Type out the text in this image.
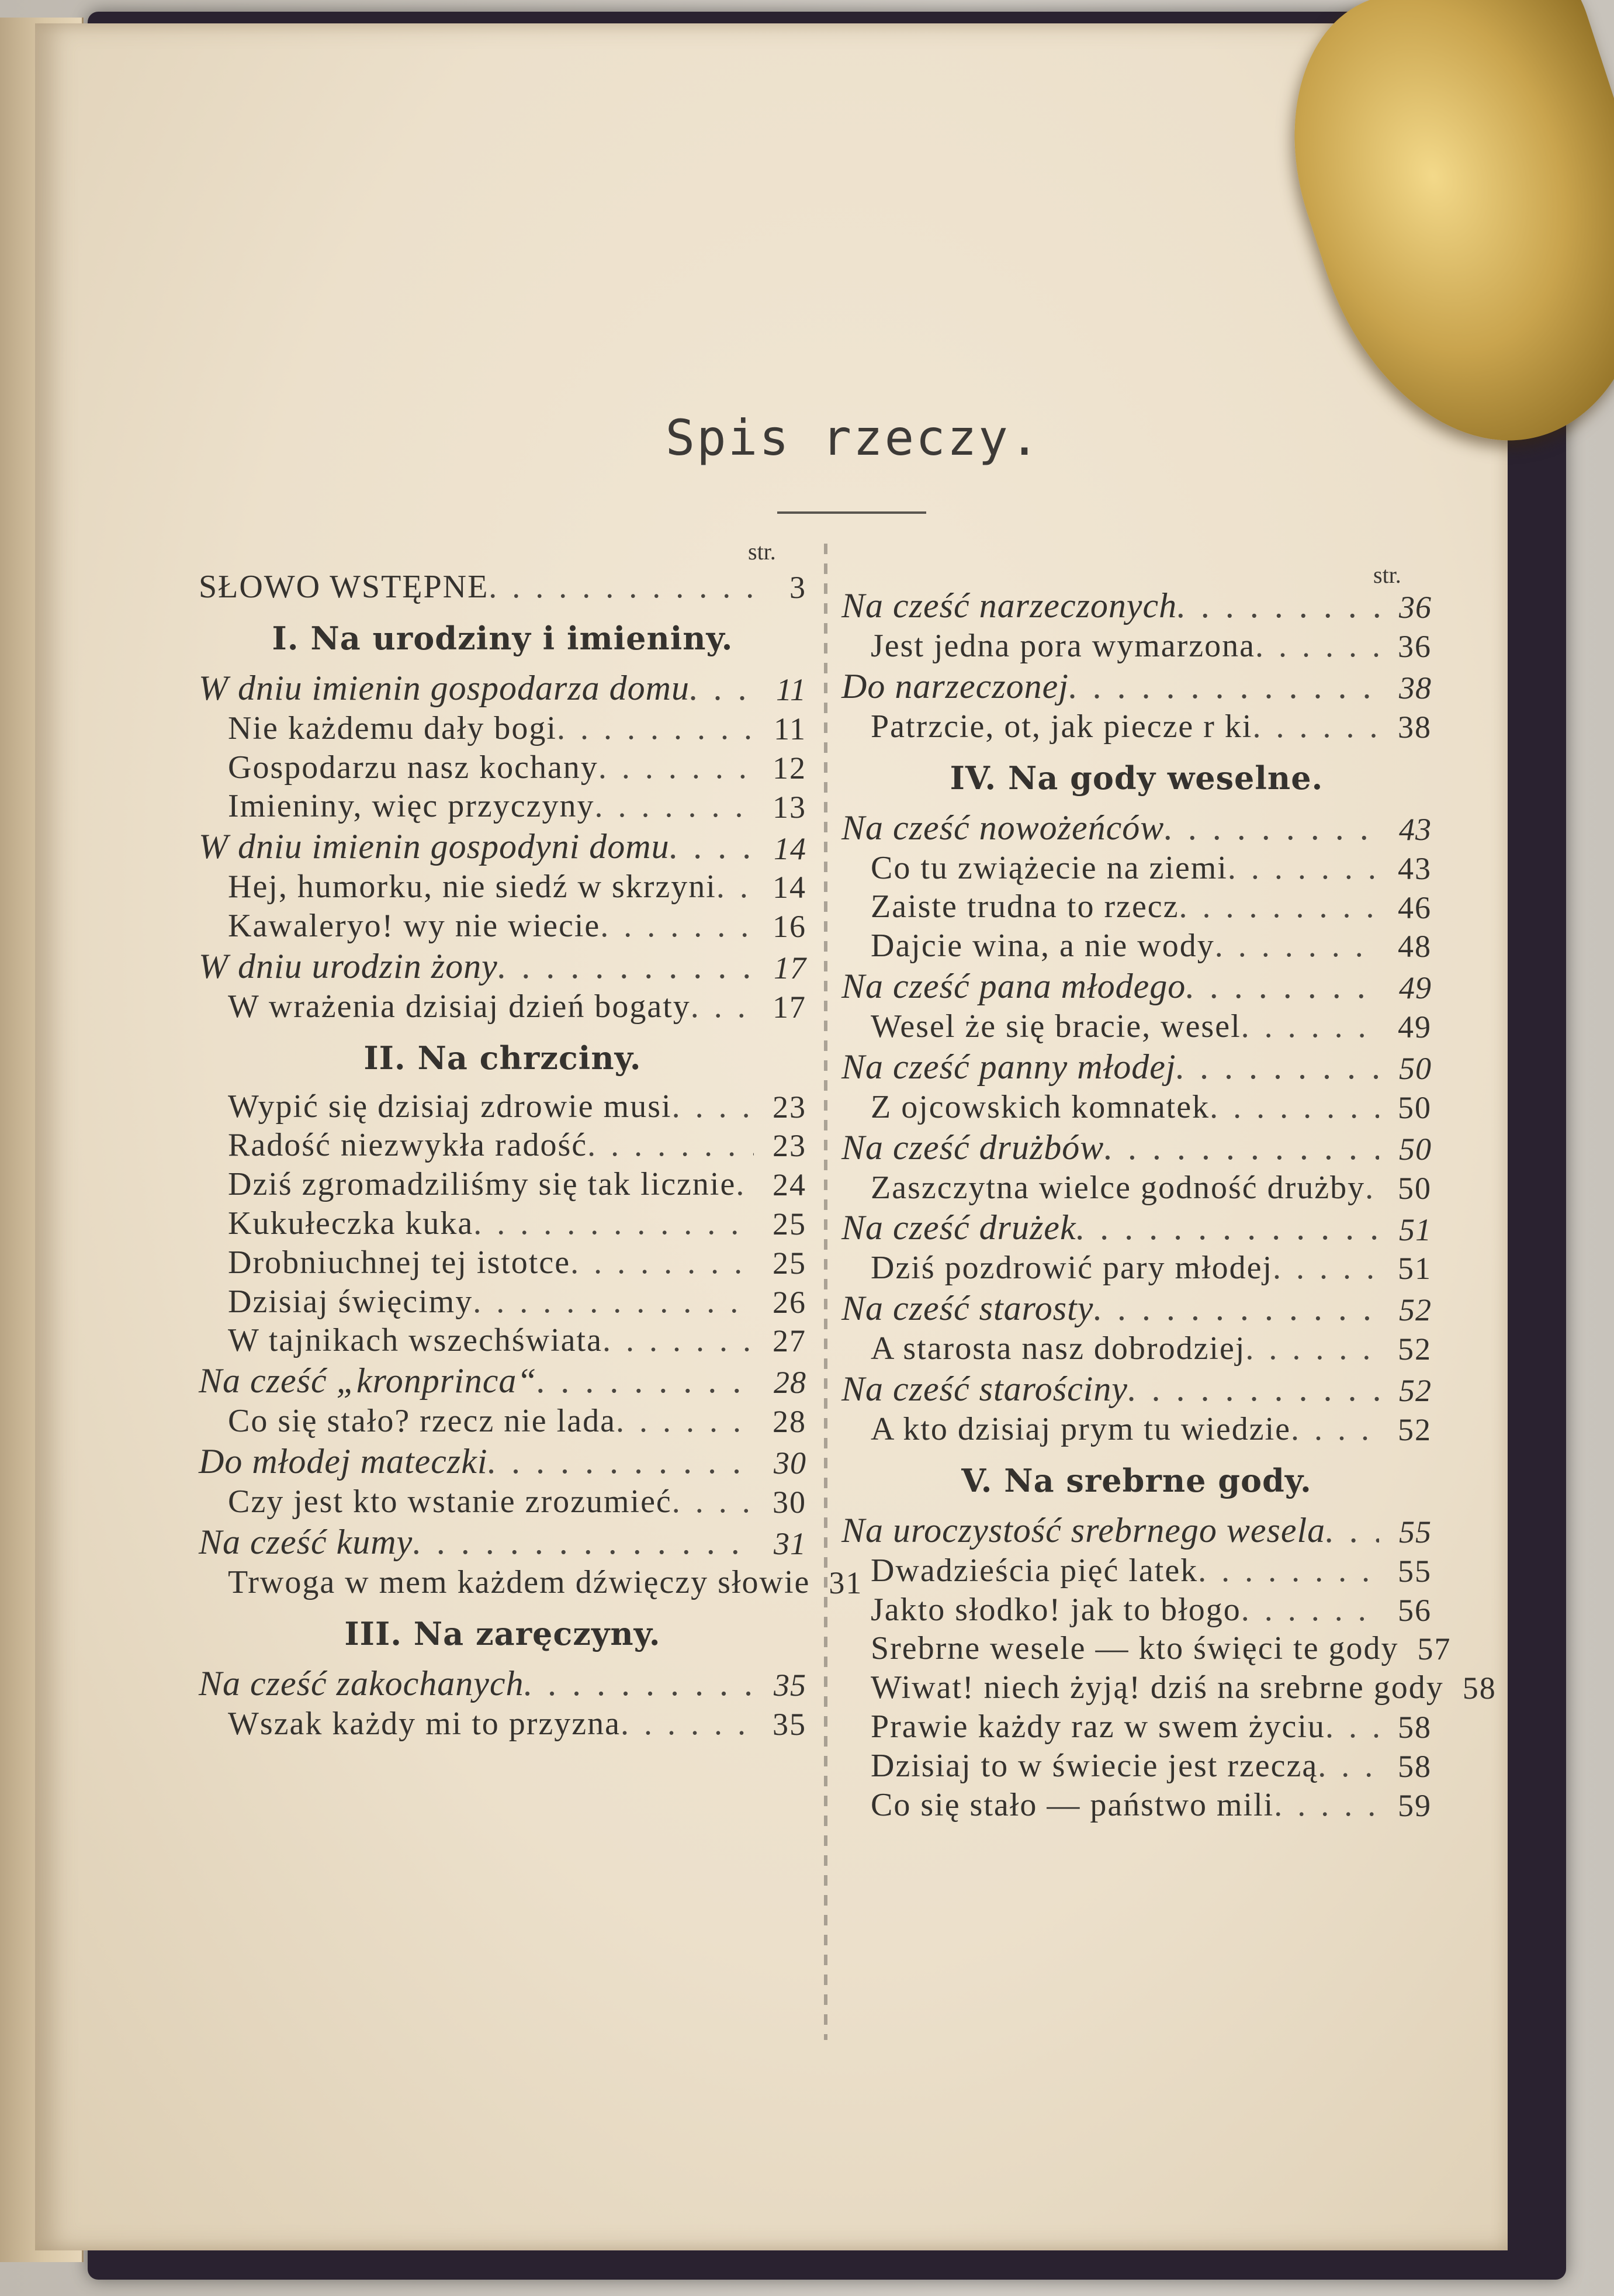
Spis rzeczy.
str.
str.
SŁOWO WSTĘPNE . . .	3
I. Na urodziny i imieniny.
W dniu imienin gospodarza domu . . .	11
Nie każdemu dały bogi . . .	11
Gospodarzu nasz kochany . . .	12
Imieniny, więc przyczyny . . .	13
W dniu imienin gospodyni domu . . .	14
Hej, humorku, nie siedź w skrzyni . . .	14
Kawaleryo! wy nie wiecie . . .	16
W dniu urodzin żony . . .	17
W wrażenia dzisiaj dzień bogaty . . .	17
II. Na chrzciny.
Wypić się dzisiaj zdrowie musi . . .	23
Radość niezwykła radość . . .	23
Dziś zgromadziliśmy się tak licznie . . .	24
Kukułeczka kuka . . .	25
Drobniuchnej tej istotce . . .	25
Dzisiaj święcimy . . .	26
W tajnikach wszechświata . . .	27
Na cześć „kronprinca“ . . .	28
Co się stało? rzecz nie lada . . .	28
Do młodej mateczki . . .	30
Czy jest kto wstanie zrozumieć . . .	30
Na cześć kumy . . .	31
Trwoga w mem każdem dźwięczy słowie 31
III. Na zaręczyny.
Na cześć zakochanych . . .	35
Wszak każdy mi to przyzna . . .	35
Na cześć narzeczonych . . .	36
Jest jedna pora wymarzona . . .	36
Do narzeczonej . . .	38
Patrzcie, ot, jak piecze r ki . . .	38
IV. Na gody weselne.
Na cześć nowożeńców . . .	43
Co tu zwiążecie na ziemi . . .	43
Zaiste trudna to rzecz . . .	46
Dajcie wina, a nie wody . . .	48
Na cześć pana młodego . . .	49
Wesel że się bracie, wesel . . .	49
Na cześć panny młodej . . .	50
Z ojcowskich komnatek . . .	50
Na cześć drużbów . . .	50
Zaszczytna wielce godność drużby . . .	50
Na cześć drużek . . .	51
Dziś pozdrowić pary młodej . . .	51
Na cześć starosty . . .	52
A starosta nasz dobrodziej . . .	52
Na cześć starościny . . .	52
A kto dzisiaj prym tu wiedzie . . .	52
V. Na srebrne gody.
Na uroczystość srebrnego wesela . . .	55
Dwadzieścia pięć latek . . .	55
Jakto słodko! jak to błogo . . .	56
Srebrne wesele — kto święci te gody 57
Wiwat! niech żyją! dziś na srebrne gody 58
Prawie każdy raz w swem życiu . . .	58
Dzisiaj to w świecie jest rzeczą . . .	58
Co się stało — państwo mili . . .	59
